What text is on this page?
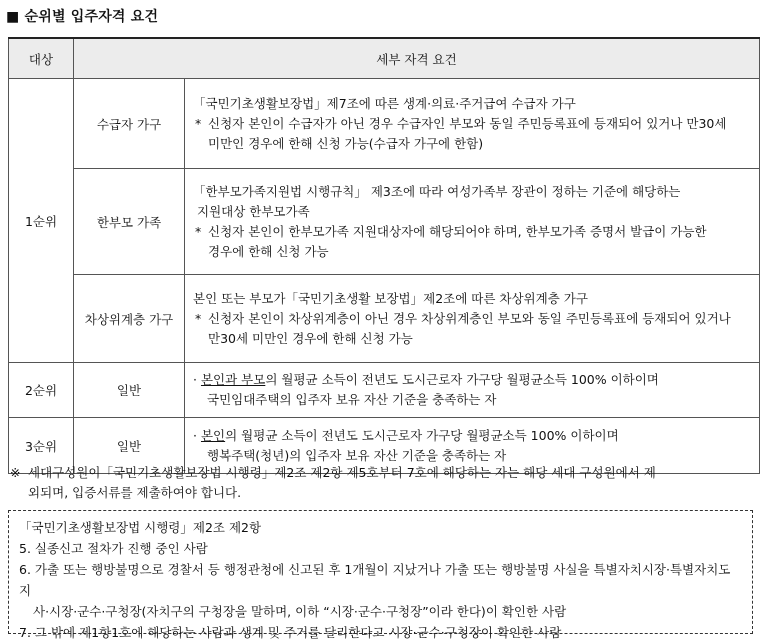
■ 순위별 입주자격 요건
대상	세부 자격 요건	
1순위	수급자 가구	「국민기초생활보장법」제7조에 따른 생계·의료·주거급여 수급자 가구
* 신청자 본인이 수급자가 아닌 경우 수급자인 부모와 동일 주민등록표에 등재되어 있거나 만30세
미만인 경우에 한해 신청 가능(수급자 가구에 한함)

	한부모 가족	「한부모가족지원법 시행규칙」 제3조에 따라 여성가족부 장관이 정하는 기준에 해당하는
지원대상 한부모가족
* 신청자 본인이 한부모가족 지원대상자에 해당되어야 하며, 한부모가족 증명서 발급이 가능한
경우에 한해 신청 가능

	차상위계층 가구	본인 또는 부모가「국민기초생활 보장법」제2조에 따른 차상위계층 가구
* 신청자 본인이 차상위계층이 아닌 경우 차상위계층인 부모와 동일 주민등록표에 등재되어 있거나
만30세 미만인 경우에 한해 신청 가능

2순위	일반	· 본인과 부모의 월평균 소득이 전년도 도시근로자 가구당 월평균소득 100% 이하이며
국민임대주택의 입주자 보유 자산 기준을 충족하는 자

3순위	일반	· 본인의 월평균 소득이 전년도 도시근로자 가구당 월평균소득 100% 이하이며
행복주택(청년)의 입주자 보유 자산 기준을 충족하는 자
※ 세대구성원이「국민기초생활보장법 시행령」제2조 제2항 제5호부터 7호에 해당하는 자는 해당 세대 구성원에서 제
외되며, 입증서류를 제출하여야 합니다.
「국민기초생활보장법 시행령」제2조 제2항
5. 실종신고 절차가 진행 중인 사람
6. 가출 또는 행방불명으로 경찰서 등 행정관청에 신고된 후 1개월이 지났거나 가출 또는 행방불명 사실을 특별자치시장·특별자치도지
사·시장·군수·구청장(자치구의 구청장을 말하며, 이하 “시장·군수·구청장”이라 한다)이 확인한 사람
7. 그 밖에 제1항1호에 해당하는 사람과 생계 및 주거를 달리한다고 시장·군수·구청장이 확인한 사람
